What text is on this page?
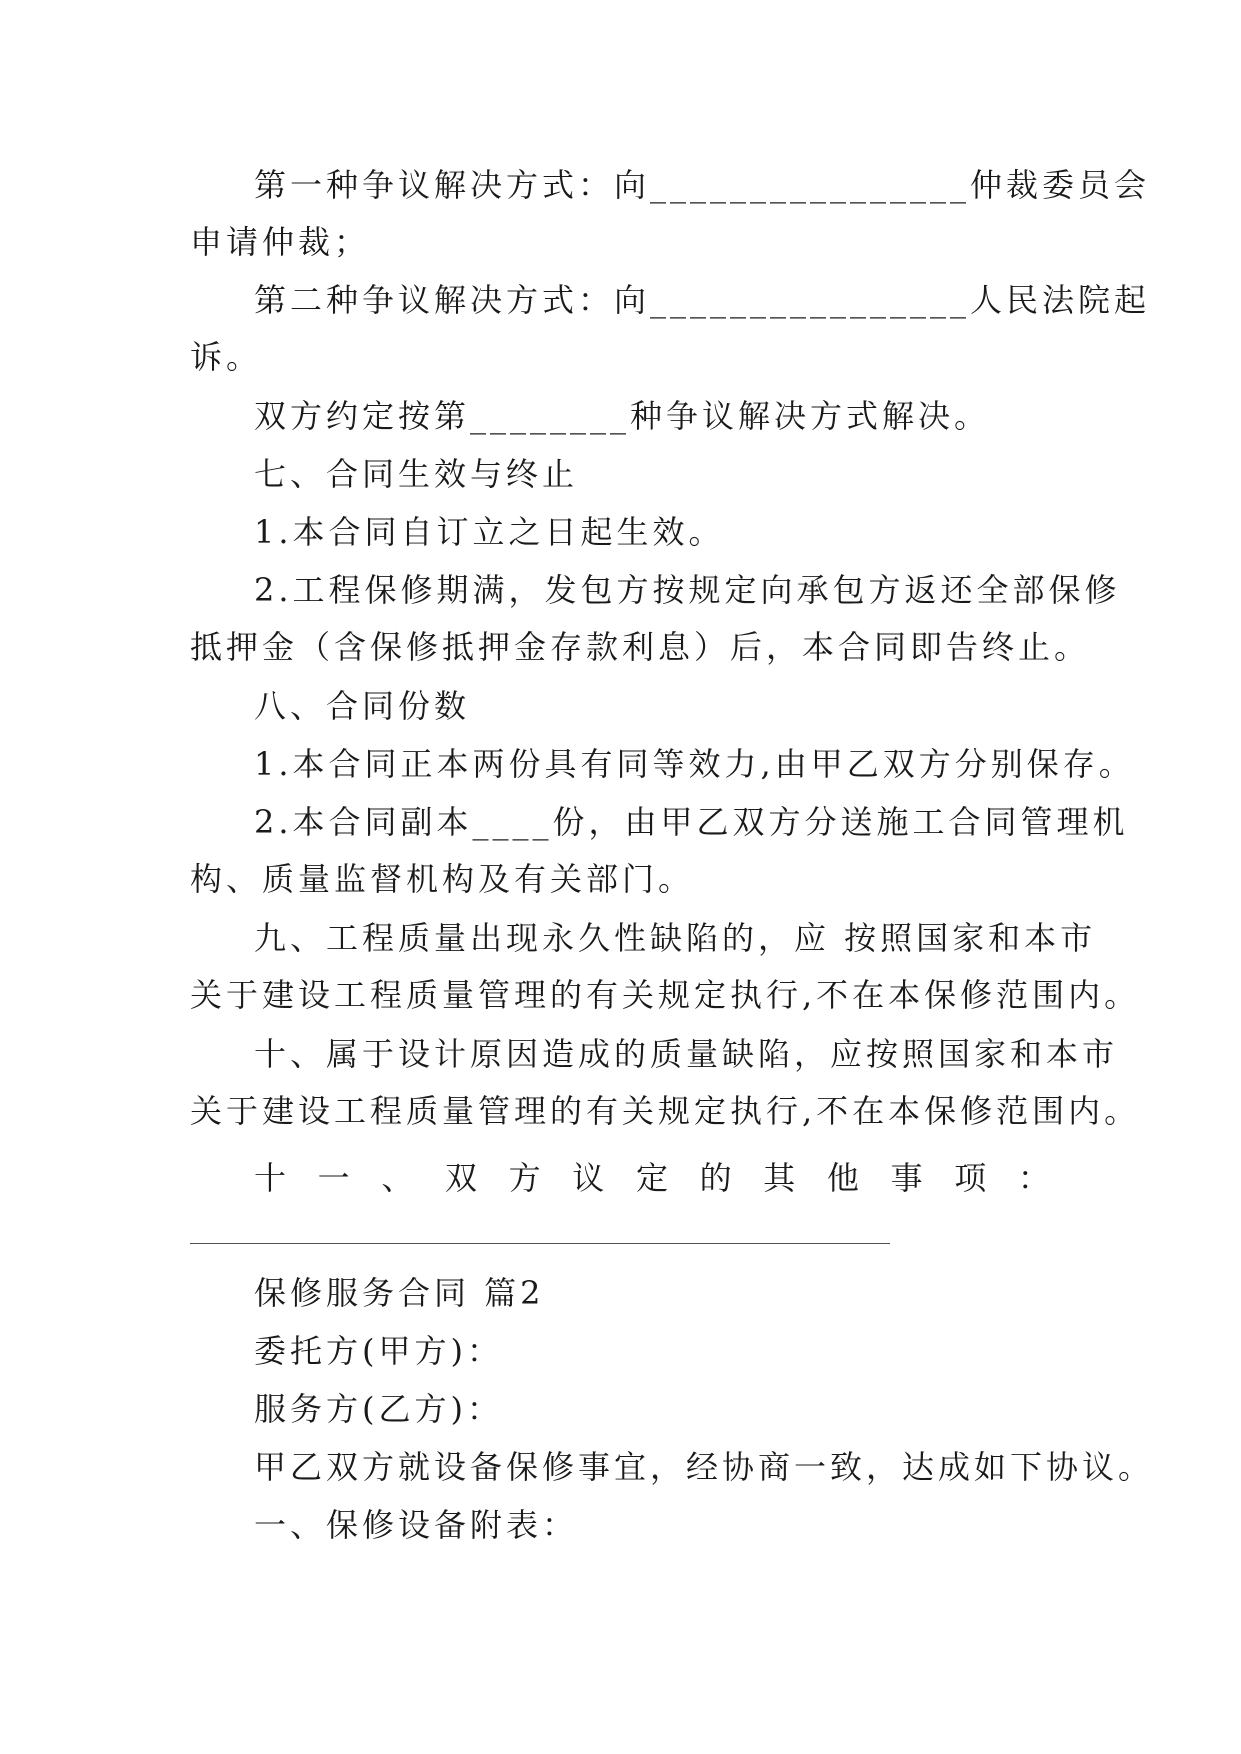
第一种争议解决方式：向________________仲裁委员会
申请仲裁；
第二种争议解决方式：向________________人民法院起
诉。
双方约定按第________种争议解决方式解决。
七、合同生效与终止
1.本合同自订立之日起生效。
2.工程保修期满，发包方按规定向承包方返还全部保修
抵押金（含保修抵押金存款利息）后，本合同即告终止。
八、合同份数
1.本合同正本两份具有同等效力,由甲乙双方分别保存。
2.本合同副本____份，由甲乙双方分送施工合同管理机
构、质量监督机构及有关部门。
九、工程质量出现永久性缺陷的，应 按照国家和本市
关于建设工程质量管理的有关规定执行,不在本保修范围内。
十、属于设计原因造成的质量缺陷，应按照国家和本市
关于建设工程质量管理的有关规定执行,不在本保修范围内。
十 一 、 双 方 议 定 的 其 他 事 项 ：
保修服务合同 篇2
委托方(甲方)：
服务方(乙方)：
甲乙双方就设备保修事宜，经协商一致，达成如下协议。
一、保修设备附表：
